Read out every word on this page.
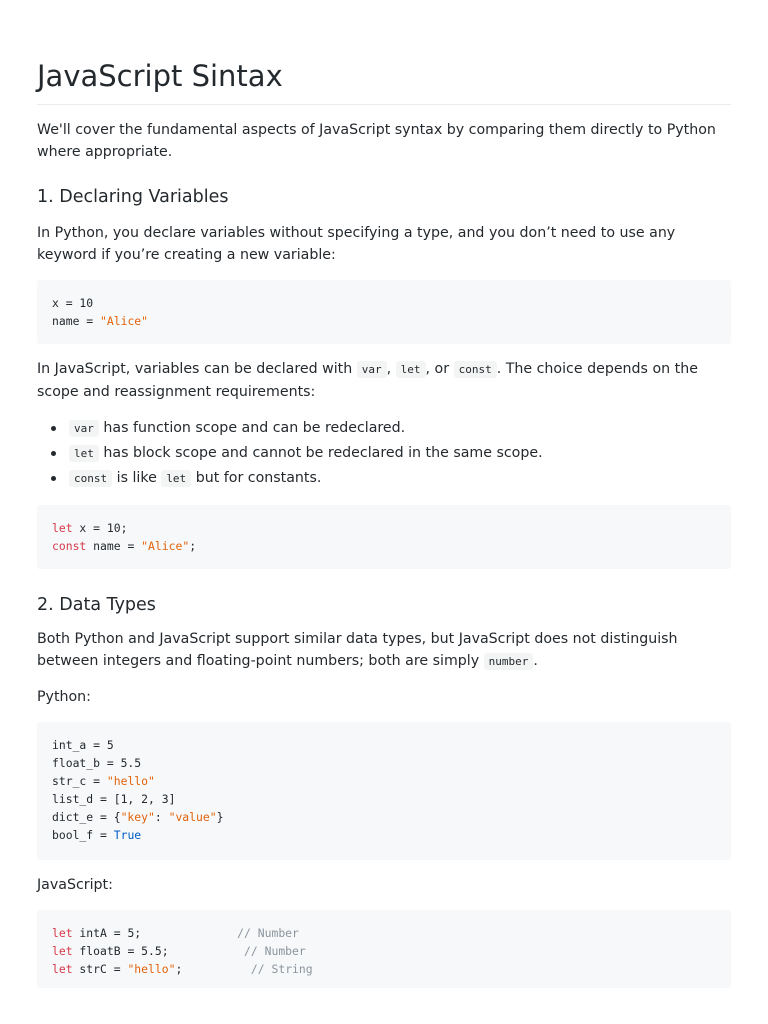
JavaScript Sintax

We'll cover the fundamental aspects of JavaScript syntax by comparing them directly to Python where appropriate.

1. Declaring Variables

In Python, you declare variables without specifying a type, and you don’t need to use any keyword if you’re creating a new variable:

x = 10
name = "Alice"

In JavaScript, variables can be declared with var , let , or const . The choice depends on the scope and reassignment requirements:

var has function scope and can be redeclared.
let has block scope and cannot be redeclared in the same scope.
const is like let but for constants.
let x = 10;
const name = "Alice";
2. Data Types

Both Python and JavaScript support similar data types, but JavaScript does not distinguish between integers and floating-point numbers; both are simply number .

Python:

int_a = 5
float_b = 5.5
str_c = "hello"
list_d = [1, 2, 3]
dict_e = {"key": "value"}
bool_f = True

JavaScript:

let intA = 5;              // Number
let floatB = 5.5;           // Number
let strC = "hello";          // String
